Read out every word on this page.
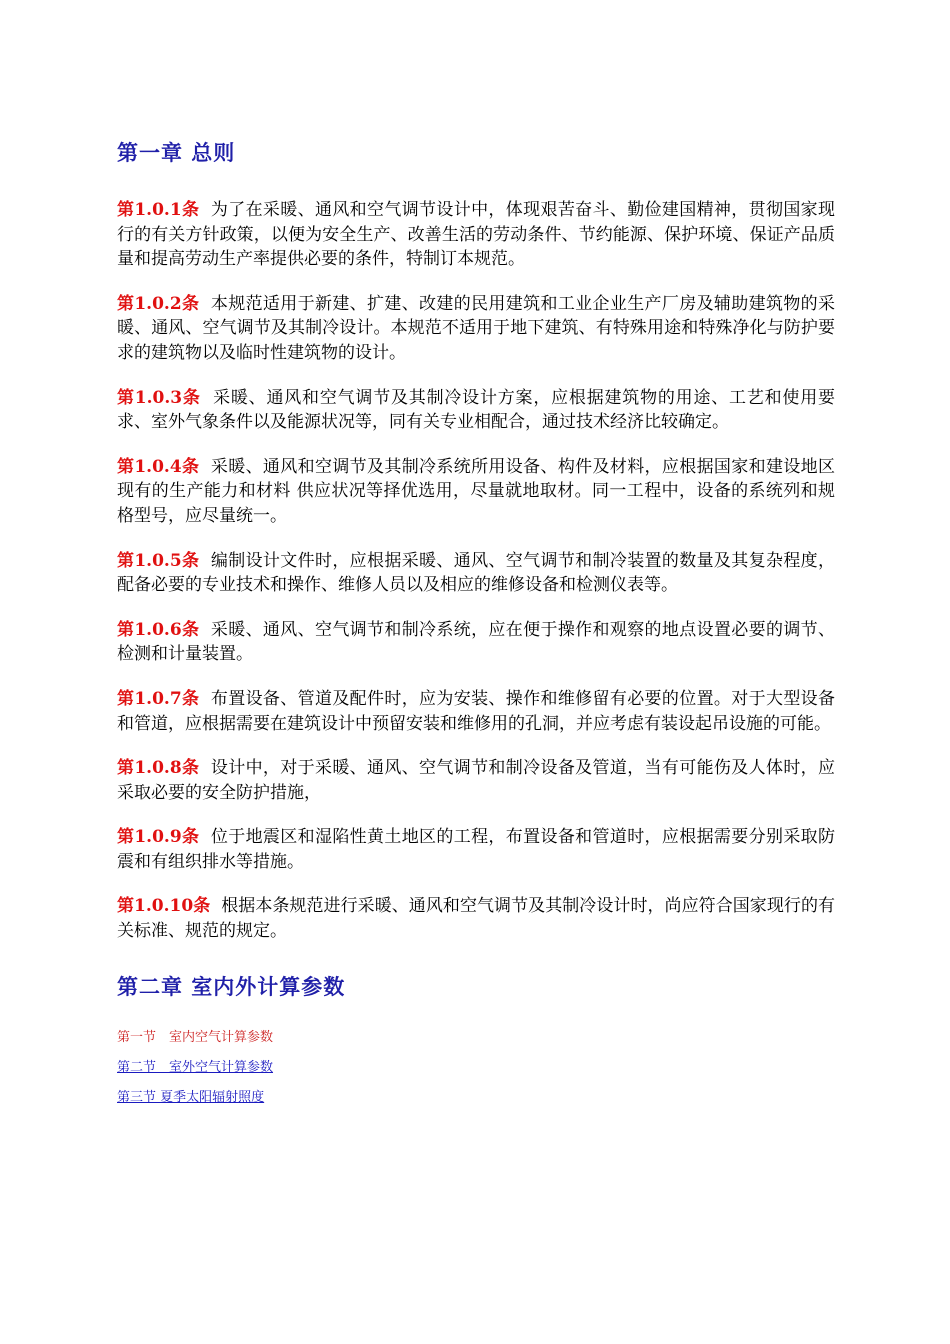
第一章 总则

第1.0.1条 为了在采暖、通风和空气调节设计中，体现艰苦奋斗、勤俭建国精神，贯彻国家现行的有关方针政策，以便为安全生产、改善生活的劳动条件、节约能源、保护环境、保证产品质量和提高劳动生产率提供必要的条件，特制订本规范。

第1.0.2条 本规范适用于新建、扩建、改建的民用建筑和工业企业生产厂房及辅助建筑物的采暖、通风、空气调节及其制冷设计。本规范不适用于地下建筑、有特殊用途和特殊净化与防护要求的建筑物以及临时性建筑物的设计。

第1.0.3条 采暖、通风和空气调节及其制冷设计方案，应根据建筑物的用途、工艺和使用要求、室外气象条件以及能源状况等，同有关专业相配合，通过技术经济比较确定。

第1.0.4条 采暖、通风和空调节及其制冷系统所用设备、构件及材料，应根据国家和建设地区现有的生产能力和材料 供应状况等择优选用，尽量就地取材。同一工程中，设备的系统列和规格型号，应尽量统一。

第1.0.5条 编制设计文件时，应根据采暖、通风、空气调节和制冷装置的数量及其复杂程度，配备必要的专业技术和操作、维修人员以及相应的维修设备和检测仪表等。

第1.0.6条 采暖、通风、空气调节和制冷系统，应在便于操作和观察的地点设置必要的调节、检测和计量装置。

第1.0.7条 布置设备、管道及配件时，应为安装、操作和维修留有必要的位置。对于大型设备和管道，应根据需要在建筑设计中预留安装和维修用的孔洞，并应考虑有装设起吊设施的可能。

第1.0.8条 设计中，对于采暖、通风、空气调节和制冷设备及管道，当有可能伤及人体时，应采取必要的安全防护措施，

第1.0.9条 位于地震区和湿陷性黄土地区的工程，布置设备和管道时，应根据需要分别采取防震和有组织排水等措施。

第1.0.10条 根据本条规范进行采暖、通风和空气调节及其制冷设计时，尚应符合国家现行的有关标准、规范的规定。

第二章 室内外计算参数
第一节　室内空气计算参数
第二节　室外空气计算参数
第三节 夏季太阳辐射照度
